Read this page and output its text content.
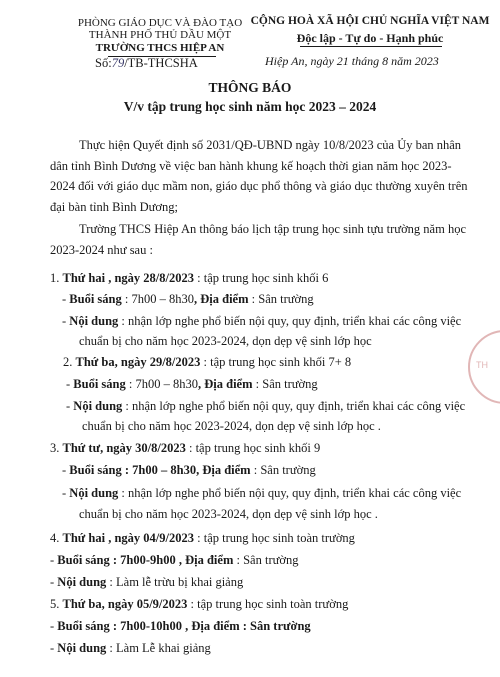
PHÒNG GIÁO DỤC VÀ ĐÀO TẠO
THÀNH PHỐ THỦ DẦU MỘT
TRƯỜNG THCS HIỆP AN
Số:79/TB-THCSHA
CỘNG HOÀ XÃ HỘI CHỦ NGHĨA VIỆT NAM
Độc lập - Tự do - Hạnh phúc
Hiệp An, ngày 21 tháng 8 năm 2023
THÔNG BÁO
V/v tập trung học sinh năm học 2023 – 2024
Thực hiện Quyết định số 2031/QĐ-UBND ngày 10/8/2023 của Ủy ban nhân
dân tỉnh Bình Dương về việc ban hành khung kế hoạch thời gian năm học 2023-
2024 đối với giáo dục mầm non, giáo dục phổ thông và giáo dục thường xuyên trên
đại bàn tỉnh Bình Dương;
Trường THCS Hiệp An thông báo lịch tập trung học sinh tựu trường năm học
2023-2024 như sau :
1. Thứ hai , ngày 28/8/2023 : tập trung học sinh khối 6
- Buổi sáng : 7h00 – 8h30, Địa điểm : Sân trường
- Nội dung : nhận lớp nghe phổ biến nội quy, quy định, triển khai các công việc
chuẩn bị cho năm học 2023-2024, dọn dẹp vệ sinh lớp học
2. Thứ ba, ngày 29/8/2023 : tập trung học sinh khối 7+ 8
- Buổi sáng : 7h00 – 8h30, Địa điểm : Sân trường
- Nội dung : nhận lớp nghe phổ biến nội quy, quy định, triển khai các công việc
chuẩn bị cho năm học 2023-2024, dọn dẹp vệ sinh lớp học .
3. Thứ tư, ngày 30/8/2023 : tập trung học sinh khối 9
- Buổi sáng : 7h00 – 8h30, Địa điểm : Sân trường
- Nội dung : nhận lớp nghe phổ biến nội quy, quy định, triển khai các công việc
chuẩn bị cho năm học 2023-2024, dọn dẹp vệ sinh lớp học .
4. Thứ hai , ngày 04/9/2023 : tập trung học sinh toàn trường
- Buổi sáng : 7h00-9h00 , Địa điểm : Sân trường
- Nội dung : Làm lễ trừu bị khai giảng
5. Thứ ba, ngày 05/9/2023 : tập trung học sinh toàn trường
- Buổi sáng : 7h00-10h00 , Địa điểm : Sân trường
- Nội dung : Làm Lễ khai giảng
TH
